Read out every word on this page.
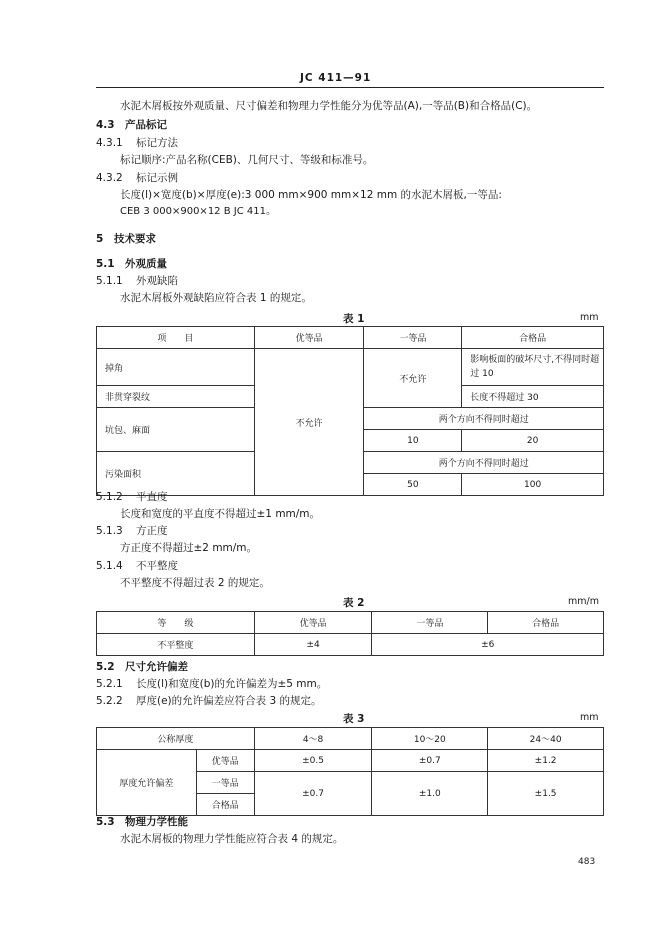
JC 411—91
水泥木屑板按外观质量、尺寸偏差和物理力学性能分为优等品(A),一等品(B)和合格品(C)。
4.3 产品标记
4.3.1 标记方法
标记顺序:产品名称(CEB)、几何尺寸、等级和标准号。
4.3.2 标记示例
长度(l)×宽度(b)×厚度(e):3 000 mm×900 mm×12 mm 的水泥木屑板,一等品:
CEB 3 000×900×12 B JC 411。
5 技术要求
5.1 外观质量
5.1.1 外观缺陷
水泥木屑板外观缺陷应符合表 1 的规定。
表 1	mm
项　　目	优等品	一等品	合格品
掉角	不允许	不允许	影响板面的破坏尺寸,不得同时超过 10

非贯穿裂纹			长度不得超过 30
坑包、麻面		两个方向不得同时超过	
		10	20
污染面积		两个方向不得同时超过	
		50	100
5.1.2 平直度
长度和宽度的平直度不得超过±1 mm/m。
5.1.3 方正度
方正度不得超过±2 mm/m。
5.1.4 不平整度
不平整度不得超过表 2 的规定。
表 2	mm/m
等　　级	优等品	一等品	合格品
不平整度	±4	±6	
5.2 尺寸允许偏差
5.2.1 长度(l)和宽度(b)的允许偏差为±5 mm。
5.2.2 厚度(e)的允许偏差应符合表 3 的规定。
表 3	mm
公称厚度		4～8	10～20	24～40
厚度允许偏差	优等品	±0.5	±0.7	±1.2
	一等品	±0.7	±1.0	±1.5
	合格品			
5.3 物理力学性能
水泥木屑板的物理力学性能应符合表 4 的规定。
483
